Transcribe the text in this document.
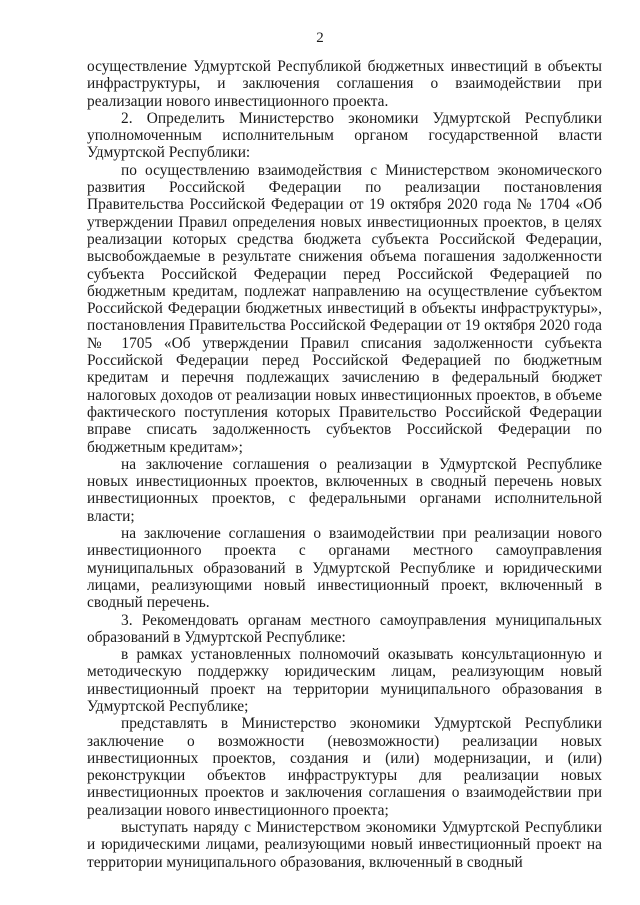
2

осуществление Удмуртской Республикой бюджетных инвестиций в объекты инфраструктуры, и заключения соглашения о взаимодействии при реализации нового инвестиционного проекта.

2. Определить Министерство экономики Удмуртской Республики уполномоченным исполнительным органом государственной власти Удмуртской Республики:

по осуществлению взаимодействия с Министерством экономического развития Российской Федерации по реализации постановления Правительства Российской Федерации от 19 октября 2020 года № 1704 «Об утверждении Правил определения новых инвестиционных проектов, в целях реализации которых средства бюджета субъекта Российской Федерации, высвобождаемые в результате снижения объема погашения задолженности субъекта Российской Федерации перед Российской Федерацией по бюджетным кредитам, подлежат направлению на осуществление субъектом Российской Федерации бюджетных инвестиций в объекты инфраструктуры», постановления Правительства Российской Федерации от 19 октября 2020 года № 1705 «Об утверждении Правил списания задолженности субъекта Российской Федерации перед Российской Федерацией по бюджетным кредитам и перечня подлежащих зачислению в федеральный бюджет налоговых доходов от реализации новых инвестиционных проектов, в объеме фактического поступления которых Правительство Российской Федерации вправе списать задолженность субъектов Российской Федерации по бюджетным кредитам»;

на заключение соглашения о реализации в Удмуртской Республике новых инвестиционных проектов, включенных в сводный перечень новых инвестиционных проектов, с федеральными органами исполнительной власти;

на заключение соглашения о взаимодействии при реализации нового инвестиционного проекта с органами местного самоуправления муниципальных образований в Удмуртской Республике и юридическими лицами, реализующими новый инвестиционный проект, включенный в сводный перечень.

3. Рекомендовать органам местного самоуправления муниципальных образований в Удмуртской Республике:

в рамках установленных полномочий оказывать консультационную и методическую поддержку юридическим лицам, реализующим новый инвестиционный проект на территории муниципального образования в Удмуртской Республике;

представлять в Министерство экономики Удмуртской Республики заключение о возможности (невозможности) реализации новых инвестиционных проектов, создания и (или) модернизации, и (или) реконструкции объектов инфраструктуры для реализации новых инвестиционных проектов и заключения соглашения о взаимодействии при реализации нового инвестиционного проекта;

выступать наряду с Министерством экономики Удмуртской Республики и юридическими лицами, реализующими новый инвестиционный проект на территории муниципального образования, включенный в сводный
